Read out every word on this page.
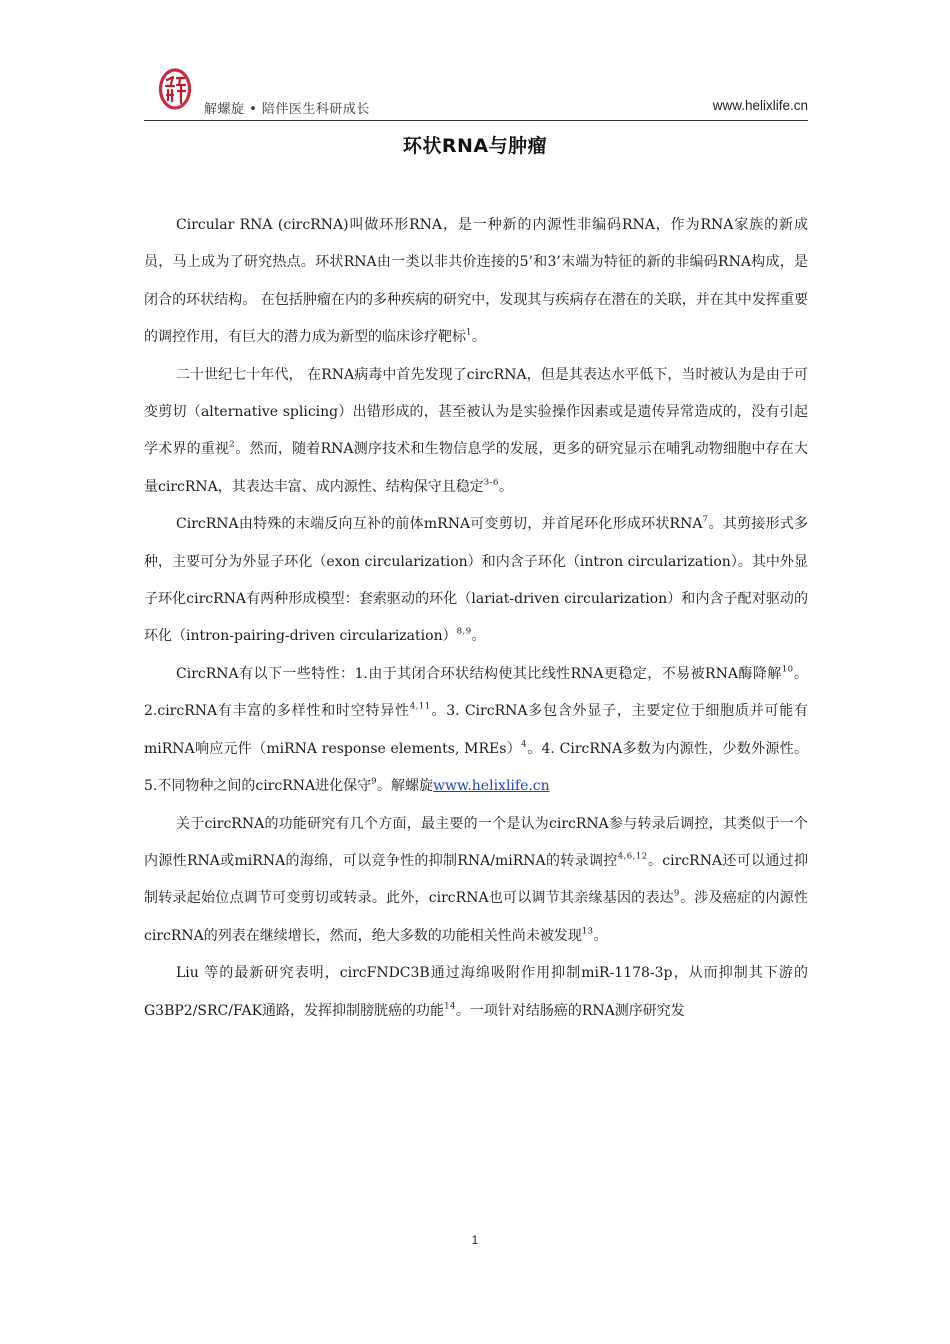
解螺旋 • 陪伴医生科研成长	www.helixlife.cn
环状RNA与肿瘤

Circular RNA (circRNA)叫做环形RNA，是一种新的内源性非编码RNA，作为RNA家族的新成员，马上成为了研究热点。环状RNA由一类以非共价连接的5’和3’末端为特征的新的非编码RNA构成，是闭合的环状结构。 在包括肿瘤在内的多种疾病的研究中，发现其与疾病存在潜在的关联，并在其中发挥重要的调控作用，有巨大的潜力成为新型的临床诊疗靶标$^1$。

二十世纪七十年代， 在RNA病毒中首先发现了circRNA，但是其表达水平低下，当时被认为是由于可变剪切（alternative splicing）出错形成的，甚至被认为是实验操作因素或是遗传异常造成的，没有引起学术界的重视$^2$。然而，随着RNA测序技术和生物信息学的发展，更多的研究显示在哺乳动物细胞中存在大量circRNA，其表达丰富、成内源性、结构保守且稳定$^{3-6}$。

CircRNA由特殊的末端反向互补的前体mRNA可变剪切，并首尾环化形成环状RNA$^7$。其剪接形式多种，主要可分为外显子环化（exon circularization）和内含子环化（intron circularization）。其中外显子环化circRNA有两种形成模型：套索驱动的环化（lariat-driven circularization）和内含子配对驱动的环化（intron-pairing-driven circularization）$^{8,9}$。

CircRNA有以下一些特性：1.由于其闭合环状结构使其比线性RNA更稳定，不易被RNA酶降解$^{10}$。2.circRNA有丰富的多样性和时空特异性$^{4,11}$。3. CircRNA多包含外显子，主要定位于细胞质并可能有miRNA响应元件（miRNA response elements, MREs）$^4$。4. CircRNA多数为内源性，少数外源性。5.不同物种之间的circRNA进化保守$^9$。解螺旋www.helixlife.cn

关于circRNA的功能研究有几个方面，最主要的一个是认为circRNA参与转录后调控，其类似于一个内源性RNA或miRNA的海绵，可以竞争性的抑制RNA/miRNA的转录调控$^{4,6,12}$。circRNA还可以通过抑制转录起始位点调节可变剪切或转录。此外，circRNA也可以调节其亲缘基因的表达$^9$。涉及癌症的内源性circRNA的列表在继续增长，然而，绝大多数的功能相关性尚未被发现$^{13}$。

Liu 等的最新研究表明，circFNDC3B通过海绵吸附作用抑制miR-1178-3p，从而抑制其下游的G3BP2/SRC/FAK通路，发挥抑制膀胱癌的功能$^{14}$。一项针对结肠癌的RNA测序研究发

1
